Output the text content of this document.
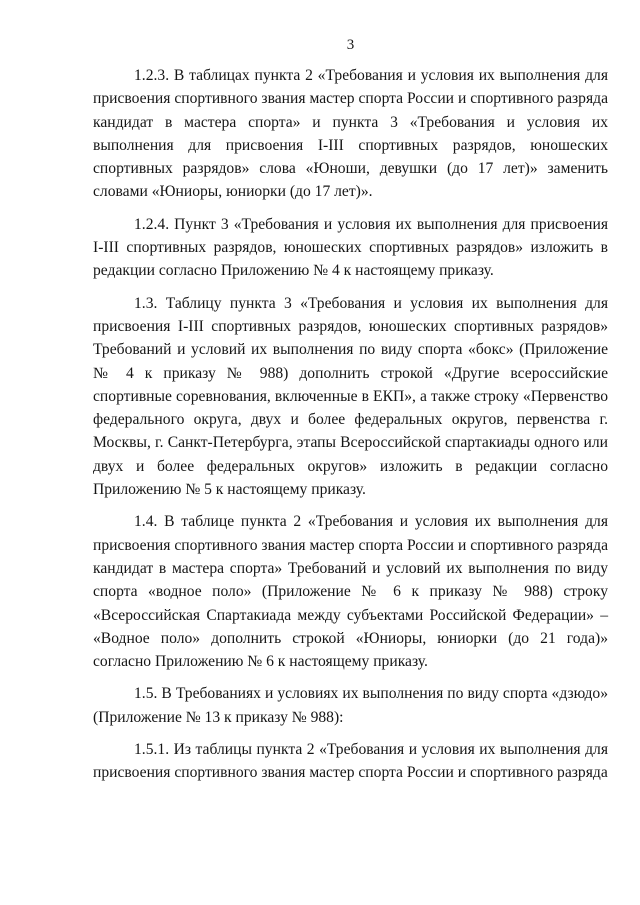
3

1.2.3. В таблицах пункта 2 «Требования и условия их выполнения для присвоения спортивного звания мастер спорта России и спортивного разряда кандидат в мастера спорта» и пункта 3 «Требования и условия их выполнения для присвоения I-III спортивных разрядов, юношеских спортивных разрядов» слова «Юноши, девушки (до 17 лет)» заменить словами «Юниоры, юниорки (до 17 лет)».

1.2.4. Пункт 3 «Требования и условия их выполнения для присвоения I-III спортивных разрядов, юношеских спортивных разрядов» изложить в редакции согласно Приложению № 4 к настоящему приказу.

1.3. Таблицу пункта 3 «Требования и условия их выполнения для присвоения I-III спортивных разрядов, юношеских спортивных разрядов» Требований и условий их выполнения по виду спорта «бокс» (Приложение № 4 к приказу № 988) дополнить строкой «Другие всероссийские спортивные соревнования, включенные в ЕКП», а также строку «Первенство федерального округа, двух и более федеральных округов, первенства г. Москвы, г. Санкт-Петербурга, этапы Всероссийской спартакиады одного или двух и более федеральных округов» изложить в редакции согласно Приложению № 5 к настоящему приказу.

1.4. В таблице пункта 2 «Требования и условия их выполнения для присвоения спортивного звания мастер спорта России и спортивного разряда кандидат в мастера спорта» Требований и условий их выполнения по виду спорта «водное поло» (Приложение № 6 к приказу № 988) строку «Всероссийская Спартакиада между субъектами Российской Федерации» – «Водное поло» дополнить строкой «Юниоры, юниорки (до 21 года)» согласно Приложению № 6 к настоящему приказу.

1.5. В Требованиях и условиях их выполнения по виду спорта «дзюдо» (Приложение № 13 к приказу № 988):

1.5.1. Из таблицы пункта 2 «Требования и условия их выполнения для присвоения спортивного звания мастер спорта России и спортивного разряда
